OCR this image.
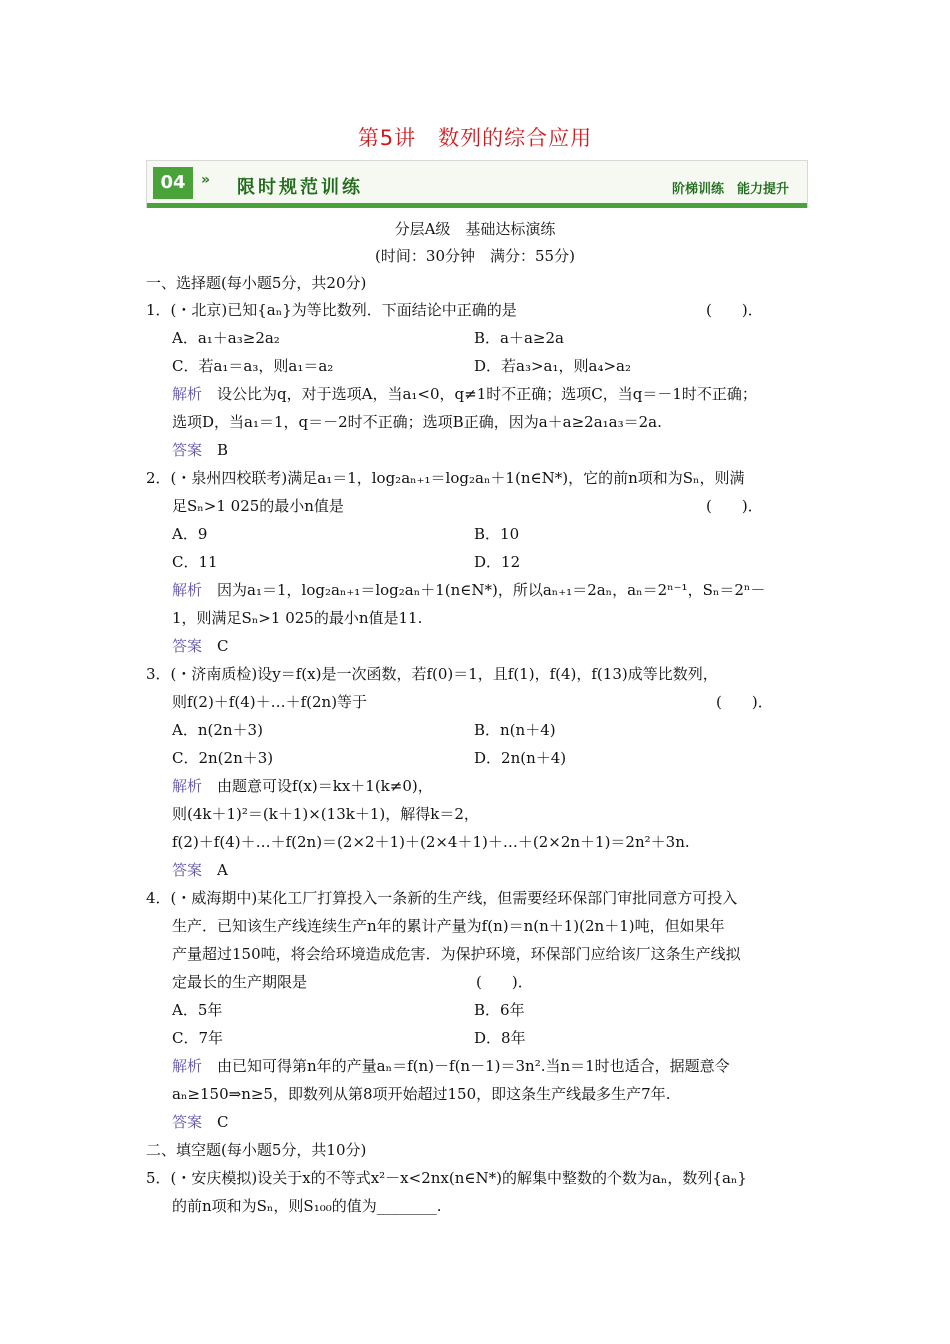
第5讲　数列的综合应用
04	» 限时规范训练	阶梯训练　能力提升
分层A级　基础达标演练
(时间：30分钟　满分：55分)
一、选择题(每小题5分，共20分)
1．(・北京)已知{aₙ}为等比数列．下面结论中正确的是	(　　)．
A．a₁＋a₃≥2a₂	B．a＋a≥2a
C．若a₁＝a₃，则a₁＝a₂	D．若a₃>a₁，则a₄>a₂
解析　设公比为q，对于选项A，当a₁<0，q≠1时不正确；选项C，当q＝－1时不正确；
选项D，当a₁＝1，q＝－2时不正确；选项B正确，因为a＋a≥2a₁a₃＝2a.
答案　B
2．(・泉州四校联考)满足a₁＝1，log₂aₙ₊₁＝log₂aₙ＋1(n∈N*)，它的前n项和为Sₙ，则满
足Sₙ>1 025的最小n值是	(　　)．
A．9	B．10
C．11	D．12
解析　因为a₁＝1，log₂aₙ₊₁＝log₂aₙ＋1(n∈N*)，所以aₙ₊₁＝2aₙ，aₙ＝2ⁿ⁻¹，Sₙ＝2ⁿ－
1，则满足Sₙ>1 025的最小n值是11.
答案　C
3．(・济南质检)设y＝f(x)是一次函数，若f(0)＝1，且f(1)，f(4)，f(13)成等比数列，
则f(2)＋f(4)＋…＋f(2n)等于	(　　)．
A．n(2n＋3)	B．n(n＋4)
C．2n(2n＋3)	D．2n(n＋4)
解析　由题意可设f(x)＝kx＋1(k≠0)，
则(4k＋1)²＝(k＋1)×(13k＋1)，解得k＝2，
f(2)＋f(4)＋…＋f(2n)＝(2×2＋1)＋(2×4＋1)＋…＋(2×2n＋1)＝2n²＋3n.
答案　A
4．(・威海期中)某化工厂打算投入一条新的生产线，但需要经环保部门审批同意方可投入
生产．已知该生产线连续生产n年的累计产量为f(n)＝n(n＋1)(2n＋1)吨，但如果年
产量超过150吨，将会给环境造成危害．为保护环境，环保部门应给该厂这条生产线拟
定最长的生产期限是	(　　)．
A．5年	B．6年
C．7年	D．8年
解析　由已知可得第n年的产量aₙ＝f(n)－f(n－1)＝3n².当n＝1时也适合，据题意令
aₙ≥150⇒n≥5，即数列从第8项开始超过150，即这条生产线最多生产7年.
答案　C
二、填空题(每小题5分，共10分)
5．(・安庆模拟)设关于x的不等式x²－x<2nx(n∈N*)的解集中整数的个数为aₙ，数列{aₙ}
的前n项和为Sₙ，则S₁₀₀的值为________.
